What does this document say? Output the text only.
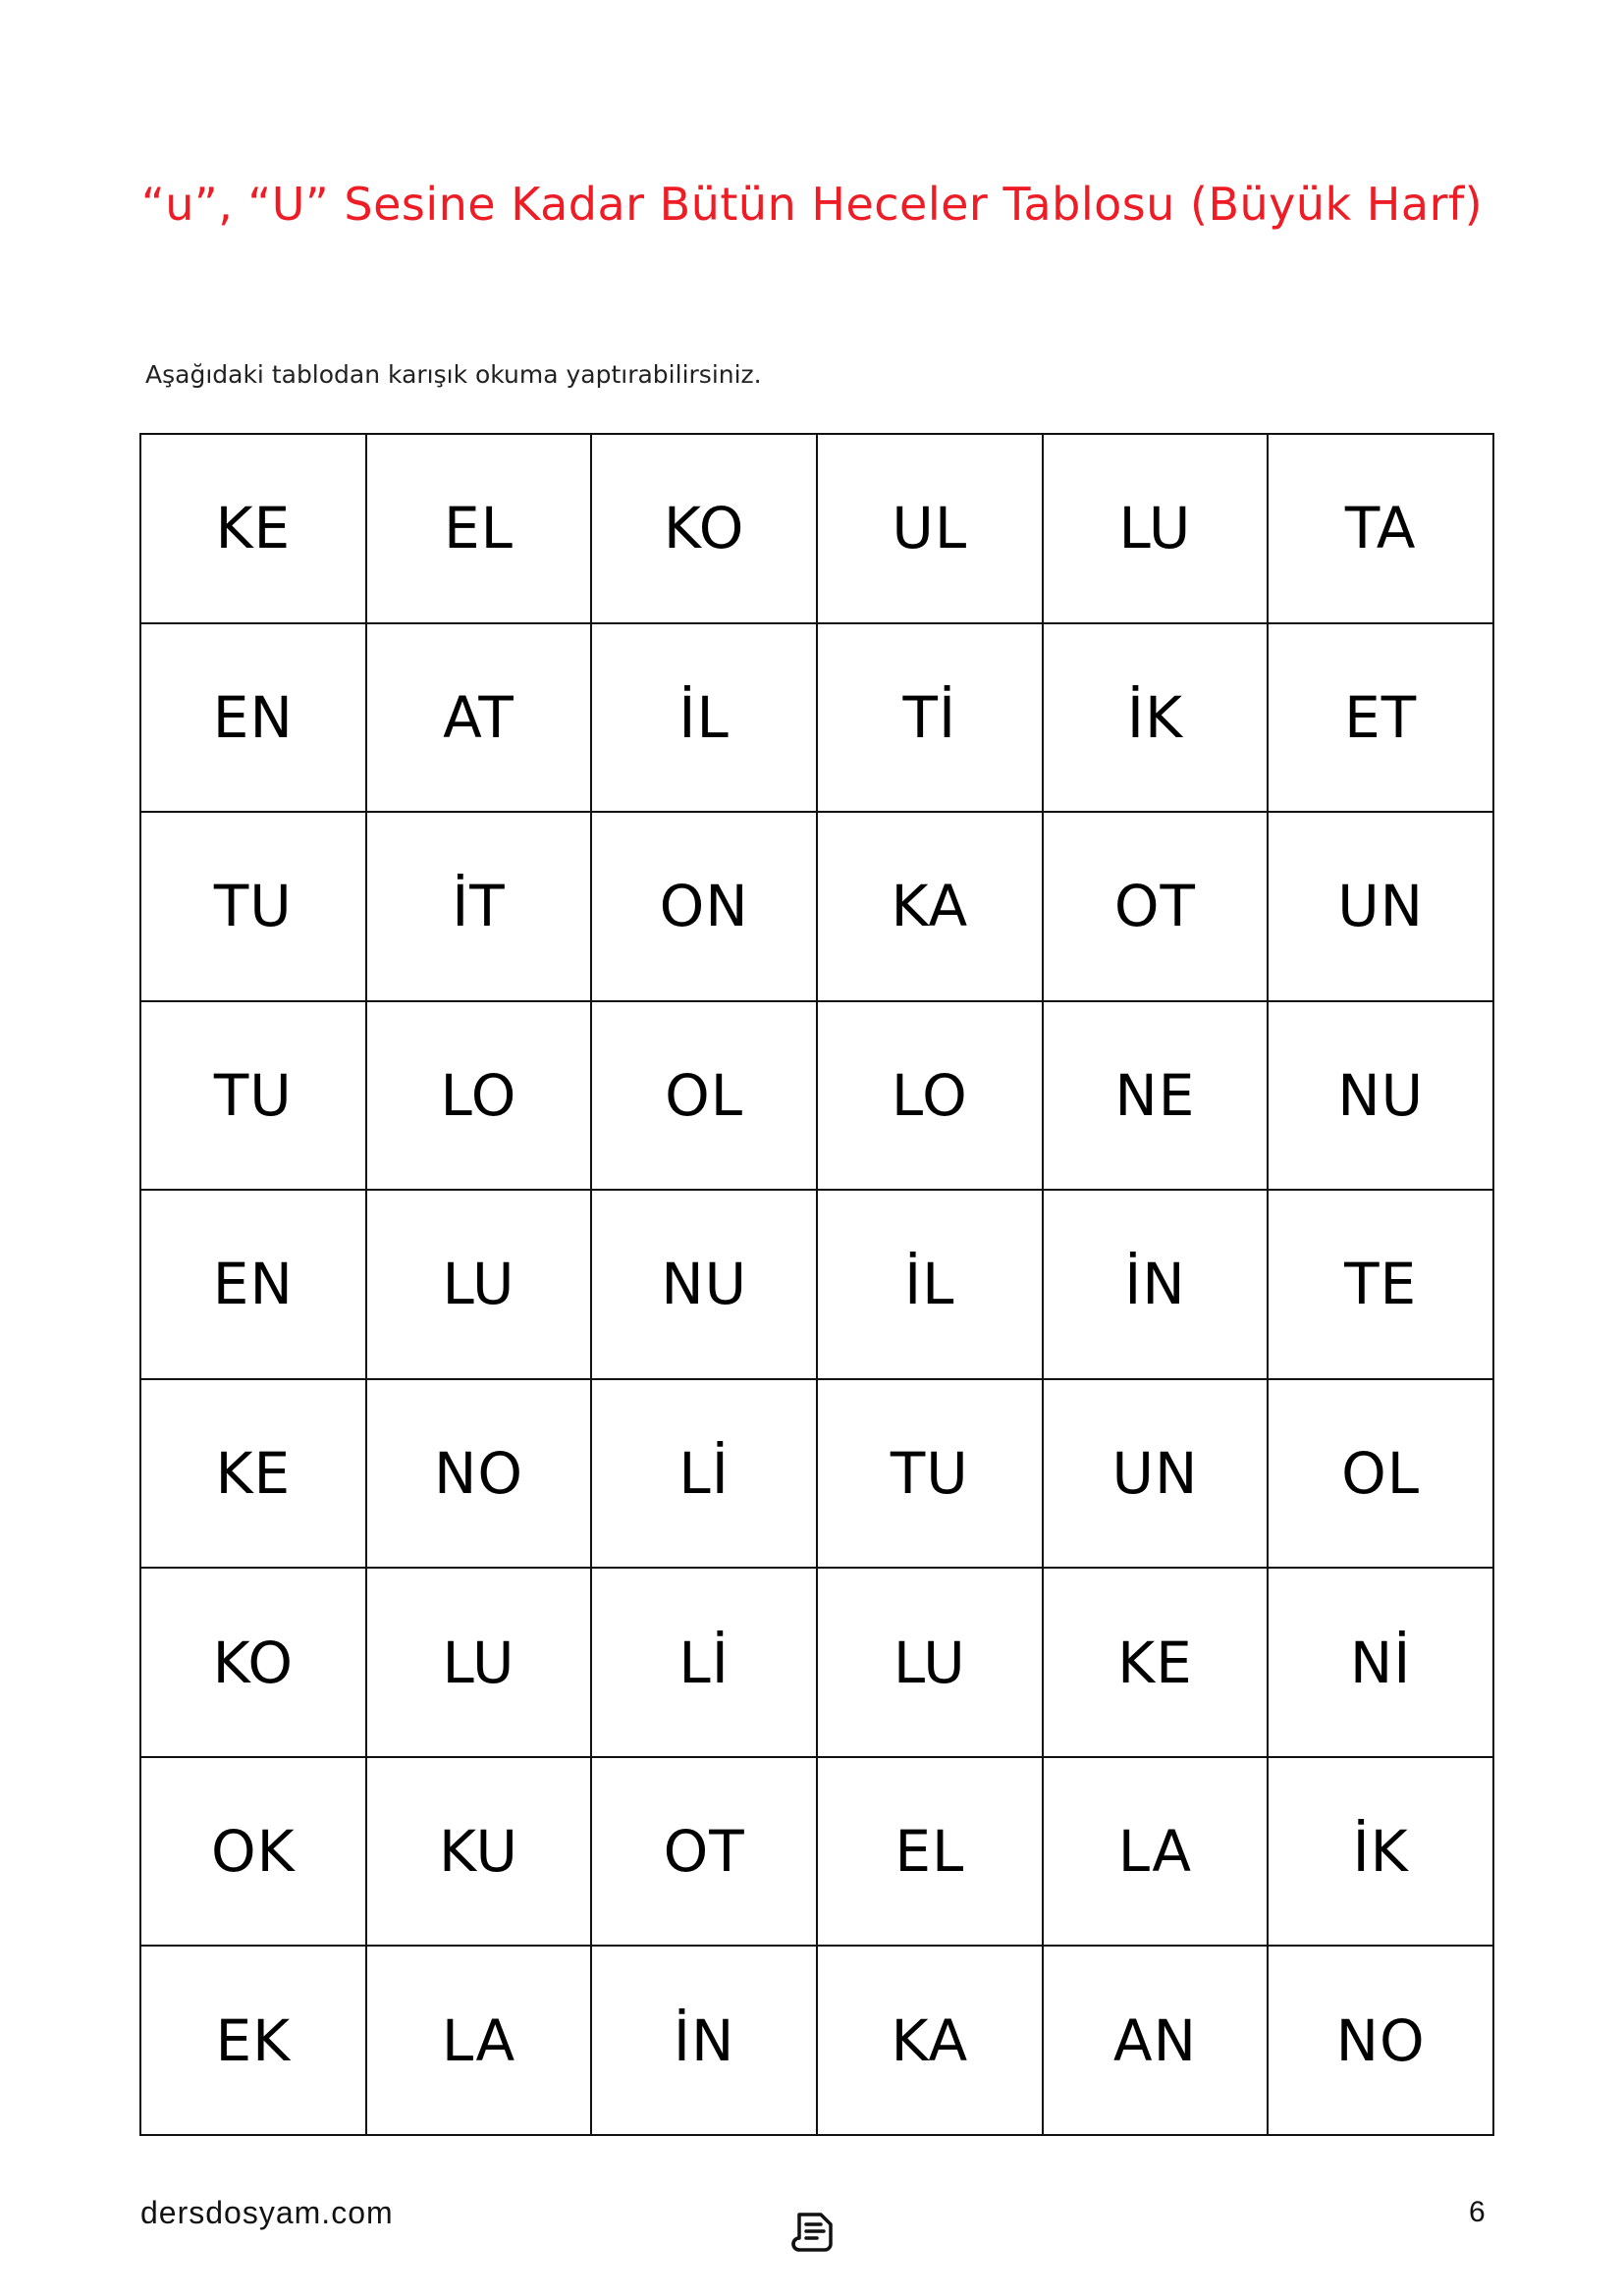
“u”, “U” Sesine Kadar Bütün Heceler Tablosu (Büyük Harf)
Aşağıdaki tablodan karışık okuma yaptırabilirsiniz.
KE	EL	KO	UL	LU	TA
EN	AT	İL	Tİ	İK	ET
TU	İT	ON	KA	OT	UN
TU	LO	OL	LO	NE	NU
EN	LU	NU	İL	İN	TE
KE	NO	Lİ	TU	UN	OL
KO	LU	Lİ	LU	KE	Nİ
OK	KU	OT	EL	LA	İK
EK	LA	İN	KA	AN	NO
dersdosyam.com	6
